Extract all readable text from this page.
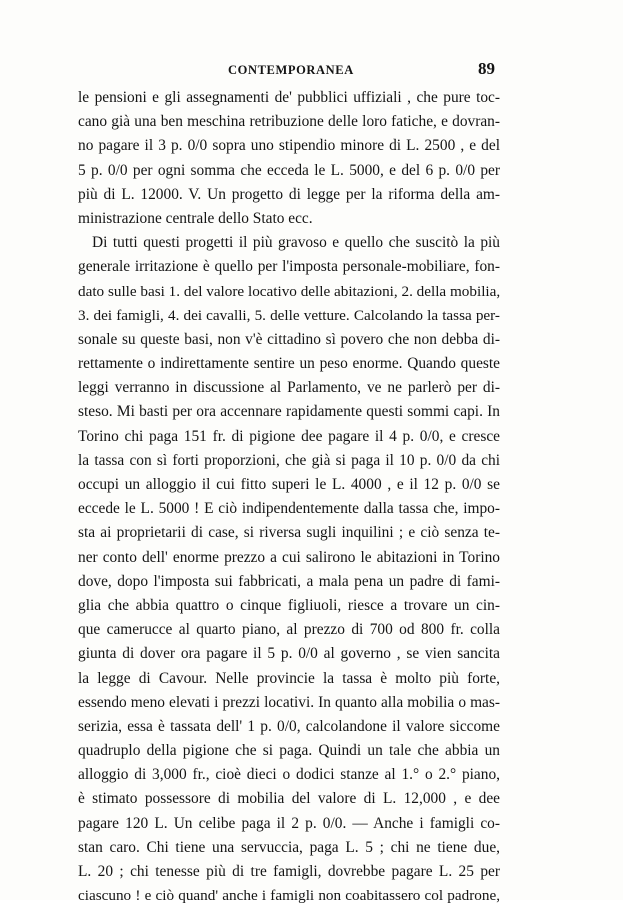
CONTEMPORANEA	89
le pensioni e gli assegnamenti de' pubblici uffiziali , che pure toc-
cano già una ben meschina retribuzione delle loro fatiche, e dovran-
no pagare il 3 p. 0/0 sopra uno stipendio minore di L. 2500 , e del
5 p. 0/0 per ogni somma che ecceda le L. 5000, e del 6 p. 0/0 per
più di L. 12000. V. Un progetto di legge per la riforma della am-
ministrazione centrale dello Stato ecc.
Di tutti questi progetti il più gravoso e quello che suscitò la più
generale irritazione è quello per l'imposta personale-mobiliare, fon-
dato sulle basi 1. del valore locativo delle abitazioni, 2. della mobilia,
3. dei famigli, 4. dei cavalli, 5. delle vetture. Calcolando la tassa per-
sonale su queste basi, non v'è cittadino sì povero che non debba di-
rettamente o indirettamente sentire un peso enorme. Quando queste
leggi verranno in discussione al Parlamento, ve ne parlerò per di-
steso. Mi basti per ora accennare rapidamente questi sommi capi. In
Torino chi paga 151 fr. di pigione dee pagare il 4 p. 0/0, e cresce
la tassa con sì forti proporzioni, che già si paga il 10 p. 0/0 da chi
occupi un alloggio il cui fitto superi le L. 4000 , e il 12 p. 0/0 se
eccede le L. 5000 ! E ciò indipendentemente dalla tassa che, impo-
sta ai proprietarii di case, si riversa sugli inquilini ; e ciò senza te-
ner conto dell' enorme prezzo a cui salirono le abitazioni in Torino
dove, dopo l'imposta sui fabbricati, a mala pena un padre di fami-
glia che abbia quattro o cinque figliuoli, riesce a trovare un cin-
que camerucce al quarto piano, al prezzo di 700 od 800 fr. colla
giunta di dover ora pagare il 5 p. 0/0 al governo , se vien sancita
la legge di Cavour. Nelle provincie la tassa è molto più forte,
essendo meno elevati i prezzi locativi. In quanto alla mobilia o mas-
serizia, essa è tassata dell' 1 p. 0/0, calcolandone il valore siccome
quadruplo della pigione che si paga. Quindi un tale che abbia un
alloggio di 3,000 fr., cioè dieci o dodici stanze al 1.° o 2.° piano,
è stimato possessore di mobilia del valore di L. 12,000 , e dee
pagare 120 L. Un celibe paga il 2 p. 0/0. — Anche i famigli co-
stan caro. Chi tiene una servuccia, paga L. 5 ; chi ne tiene due,
L. 20 ; chi tenesse più di tre famigli, dovrebbe pagare L. 25 per
ciascuno ! e ciò quand' anche i famigli non coabitassero col padrone,
